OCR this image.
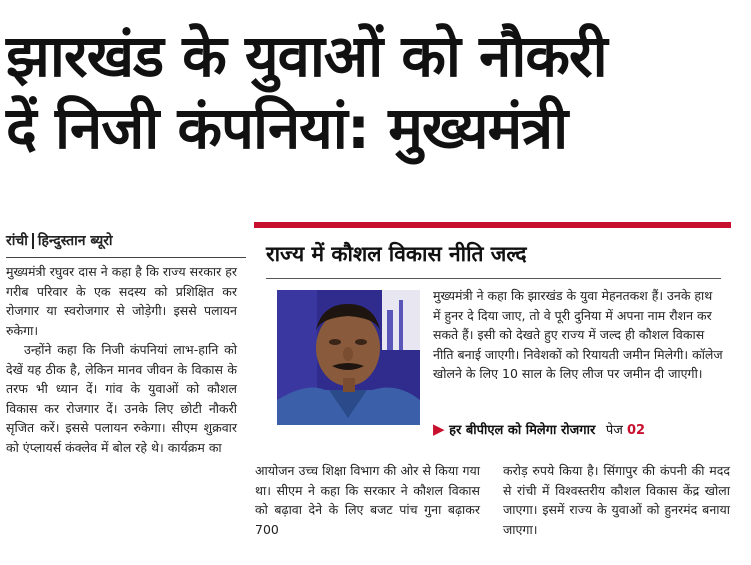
झारखंड के युवाओं को नौकरी
दें निजी कंपनियां: मुख्यमंत्री
रांची हिन्दुस्तान ब्यूरो

मुख्यमंत्री रघुवर दास ने कहा है कि राज्य सरकार हर गरीब परिवार के एक सदस्य को प्रशिक्षित कर रोजगार या स्वरोजगार से जोड़ेगी। इससे पलायन रुकेगा।

उन्होंने कहा कि निजी कंपनियां लाभ-हानि को देखें यह ठीक है, लेकिन मानव जीवन के विकास के तरफ भी ध्यान दें। गांव के युवाओं को कौशल विकास कर रोजगार दें। उनके लिए छोटी नौकरी सृजित करें। इससे पलायन रुकेगा। सीएम शुक्रवार को एंप्लायर्स कंक्लेव में बोल रहे थे। कार्यक्रम का

राज्य में कौशल विकास नीति जल्द

मुख्यमंत्री ने कहा कि झारखंड के युवा मेहनतकश हैं। उनके हाथ में हुनर दे दिया जाए, तो वे पूरी दुनिया में अपना नाम रौशन कर सकते हैं। इसी को देखते हुए राज्य में जल्द ही कौशल विकास नीति बनाई जाएगी। निवेशकों को रियायती जमीन मिलेगी। कॉलेज खोलने के लिए 10 साल के लिए लीज पर जमीन दी जाएगी।

▶ हर बीपीएल को मिलेगा रोजगार पेज 02

आयोजन उच्च शिक्षा विभाग की ओर से किया गया था। सीएम ने कहा कि सरकार ने कौशल विकास को बढ़ावा देने के लिए बजट पांच गुना बढ़ाकर 700

करोड़ रुपये किया है। सिंगापुर की कंपनी की मदद से रांची में विश्वस्तरीय कौशल विकास केंद्र खोला जाएगा। इसमें राज्य के युवाओं को हुनरमंद बनाया जाएगा।
